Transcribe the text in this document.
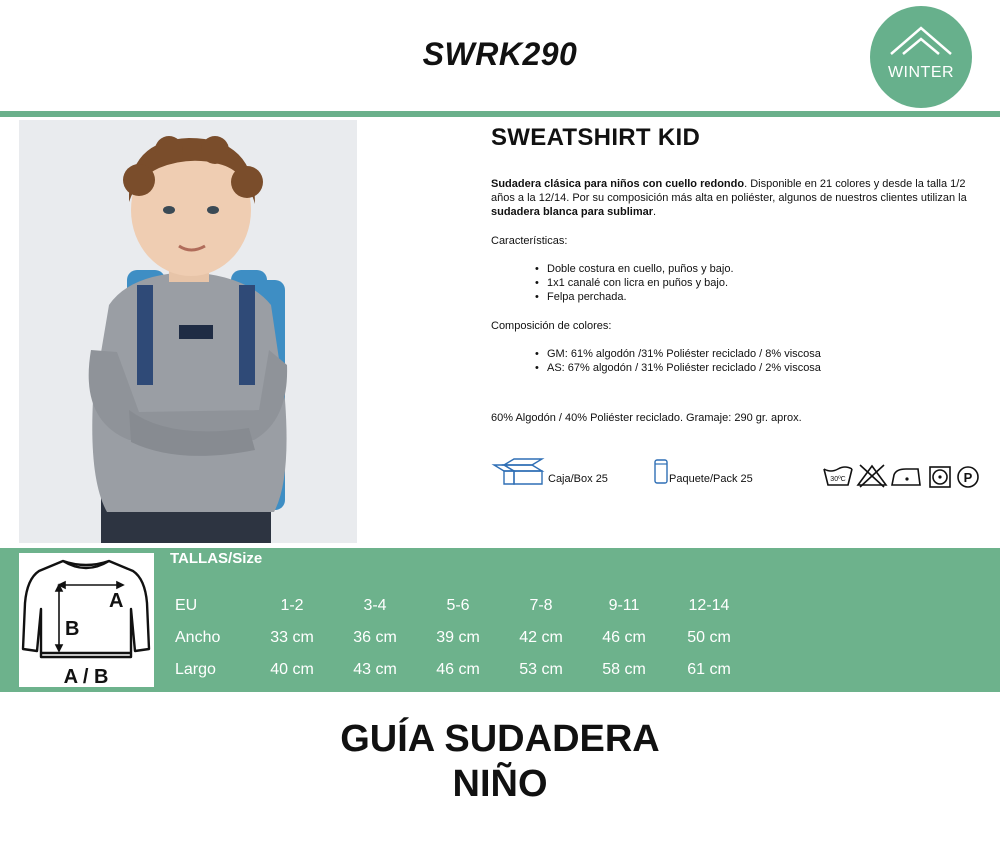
SWRK290
WINTER
SWEATSHIRT KID
Sudadera clásica para niños con cuello redondo. Disponible en 21 colores y desde la talla 1/2 años a la 12/14. Por su composición más alta en poliéster, algunos de nuestros clientes utilizan la sudadera blanca para sublimar.
Características:
• Doble costura en cuello, puños y bajo.
• 1x1 canalé con licra en puños y bajo.
• Felpa perchada.
Composición de colores:
• GM: 61% algodón /31% Poliéster reciclado / 8% viscosa
• AS: 67% algodón / 31% Poliéster reciclado / 2% viscosa
60% Algodón / 40% Poliéster reciclado. Gramaje: 290 gr. aprox.
Caja/Box 25	Paquete/Pack 25	30ºC	P
A
B
A / B
TALLAS/Size
EU	1-2	3-4	5-6	7-8	9-11	12-14
Ancho	33 cm 36 cm 39 cm 42 cm 46 cm	50 cm
Largo	40 cm 43 cm 46 cm 53 cm 58 cm	61 cm
GUÍA SUDADERA
NIÑO
